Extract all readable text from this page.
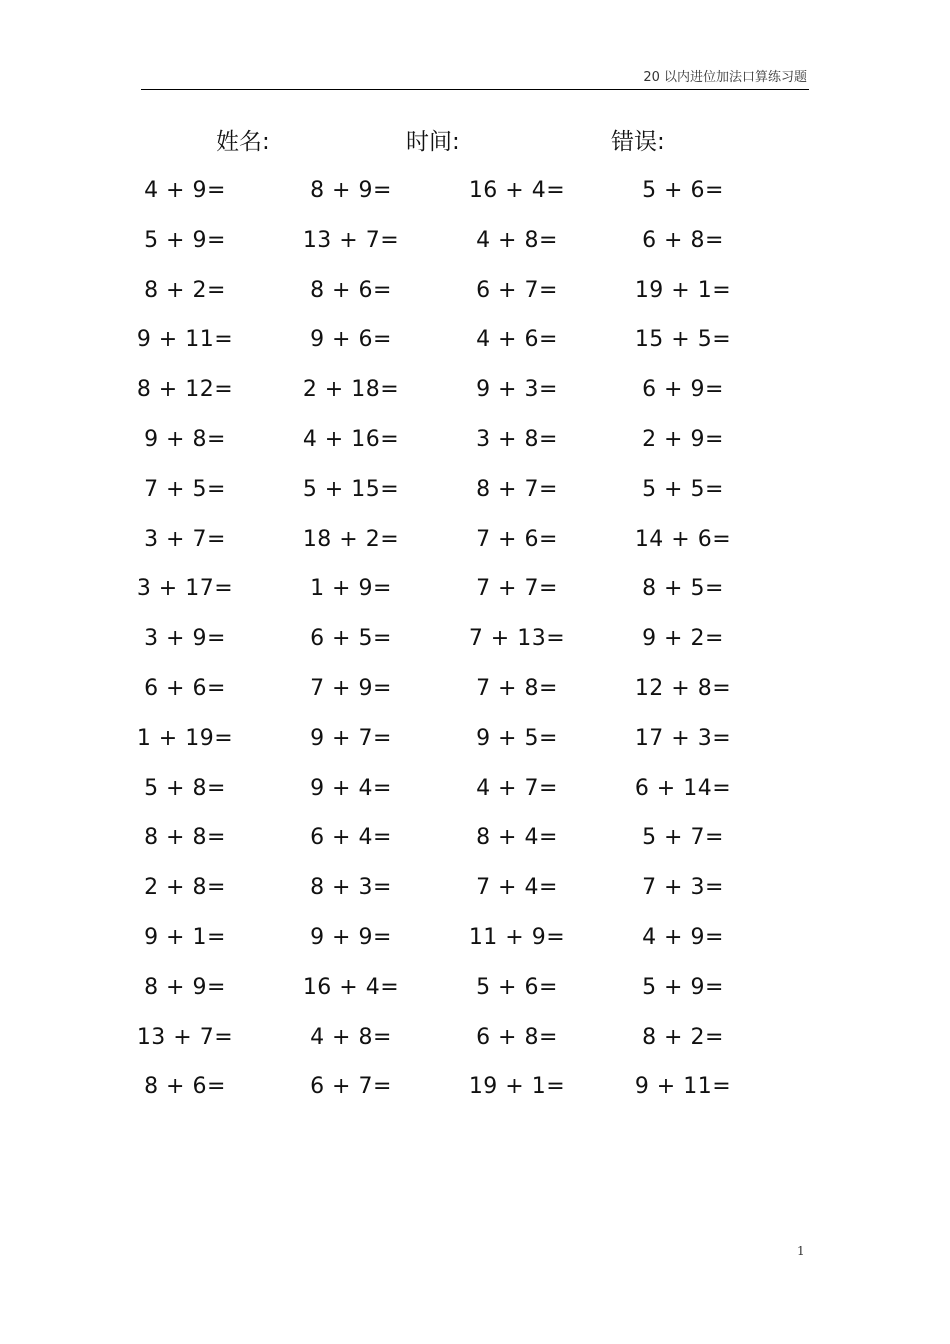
20 以内进位加法口算练习题
姓名:	时间:	错误:
4 + 9=	8 + 9=	16 + 4=	5 + 6=
5 + 9=	13 + 7=	4 + 8=	6 + 8=
8 + 2=	8 + 6=	6 + 7=	19 + 1=
9 + 11=	9 + 6=	4 + 6=	15 + 5=
8 + 12=	2 + 18=	9 + 3=	6 + 9=
9 + 8=	4 + 16=	3 + 8=	2 + 9=
7 + 5=	5 + 15=	8 + 7=	5 + 5=
3 + 7=	18 + 2=	7 + 6=	14 + 6=
3 + 17=	1 + 9=	7 + 7=	8 + 5=
3 + 9=	6 + 5=	7 + 13=	9 + 2=
6 + 6=	7 + 9=	7 + 8=	12 + 8=
1 + 19=	9 + 7=	9 + 5=	17 + 3=
5 + 8=	9 + 4=	4 + 7=	6 + 14=
8 + 8=	6 + 4=	8 + 4=	5 + 7=
2 + 8=	8 + 3=	7 + 4=	7 + 3=
9 + 1=	9 + 9=	11 + 9=	4 + 9=
8 + 9=	16 + 4=	5 + 6=	5 + 9=
13 + 7=	4 + 8=	6 + 8=	8 + 2=
8 + 6=	6 + 7=	19 + 1=	9 + 11=
1
